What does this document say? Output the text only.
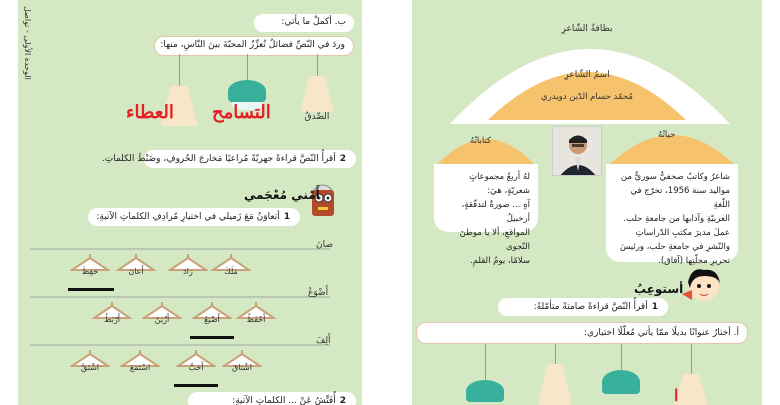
الوحدة الأولى - تواصل	ب. أكملْ ما يأتي:
وردَ في النّصِّ فضائلُ تُعزِّزُ المحبّةَ بينَ النّاسِ، منها:
الصِّدقُ
التسامح
العطاء
2أقرأُ النّصَّ قراءةً جهريّةً مُراعيًا مَخارجَ الحُروفِ، وضَبْطَ الكلماتِ.
أَمْني مُعْجَمي
1أتعاوَنُ مَعَ زَميلي في اختيارِ مُرادِفِ الكلماتِ الآتيةِ:
صانَ
مَلَكَ
زادَ
أَعانَ
حَفِظَ
أَضْوَعُ
أَحْفَظُ
أَضْيَعُ
أَزْيَنُ
أَرْبَطُ
أَلِفَ
اشْتاقَ
أَحَبَّ
اسْتَمَعَ
اشْتَقَّ
2أُفَتِّشُ عَنْ ... الكلماتِ الآتيةِ:
بطاقةُ الشّاعرِ
اسمُ الشّاعرِ
مُحمّد حسام الدّين دويدري
كتاباتُهُ
لهُ أربعُ مجموعاتٍ شعريّةٍ، هيَ:
آهٍ ... صورةٌ لتدفّقةٍ، أرخبيلُ
المواقعِ، ألا يا موطنَ النّجوى
سلامًا، يومُ القلمِ.
حياتُهُ
شاعرٌ وكاتبٌ صحفيٌّ سوريٌّ من
مواليد سنة 1956، تخرّج في اللّغةِ
العربيّةِ وآدابها من جامعةِ حلب.
عملَ مديرَ مكتبِ الدّراساتِ
والنّشرِ في جامعةِ حلب، ورئيسَ
تحريرِ مجلّتِها (آفاق).
أستوعِبُ
1أقرأُ النّصَّ قراءةً صامتةً متأمّلةً:
أ. أختارُ عنوانًا بديلًا ممّا يأتي مُعلّلًا اختياري:
ا
